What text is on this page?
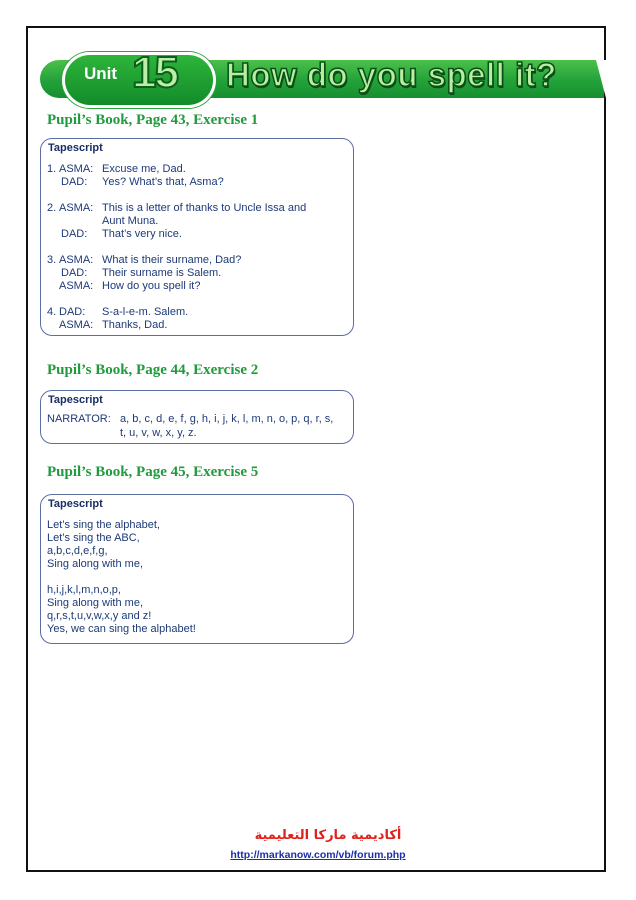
Unit 15 How do you spell it?
Pupil’s Book, Page 43, Exercise 1
Tapescript
1. ASMA: Excuse me, Dad.
DAD: Yes? What’s that, Asma?
2. ASMA: This is a letter of thanks to Uncle Issa and
Aunt Muna.
DAD: That’s very nice.
3. ASMA: What is their surname, Dad?
DAD: Their surname is Salem.
ASMA: How do you spell it?
4. DAD: S-a-l-e-m. Salem.
ASMA: Thanks, Dad.
Pupil’s Book, Page 44, Exercise 2
Tapescript
NARRATOR: a, b, c, d, e, f, g, h, i, j, k, l, m, n, o, p, q, r, s,
t, u, v, w, x, y, z.
Pupil’s Book, Page 45, Exercise 5
Tapescript
Let’s sing the alphabet,
Let’s sing the ABC,
a,b,c,d,e,f,g,
Sing along with me,
h,i,j,k,l,m,n,o,p,
Sing along with me,
q,r,s,t,u,v,w,x,y and z!
Yes, we can sing the alphabet!
أكاديمية ماركا التعليمية
http://markanow.com/vb/forum.php
